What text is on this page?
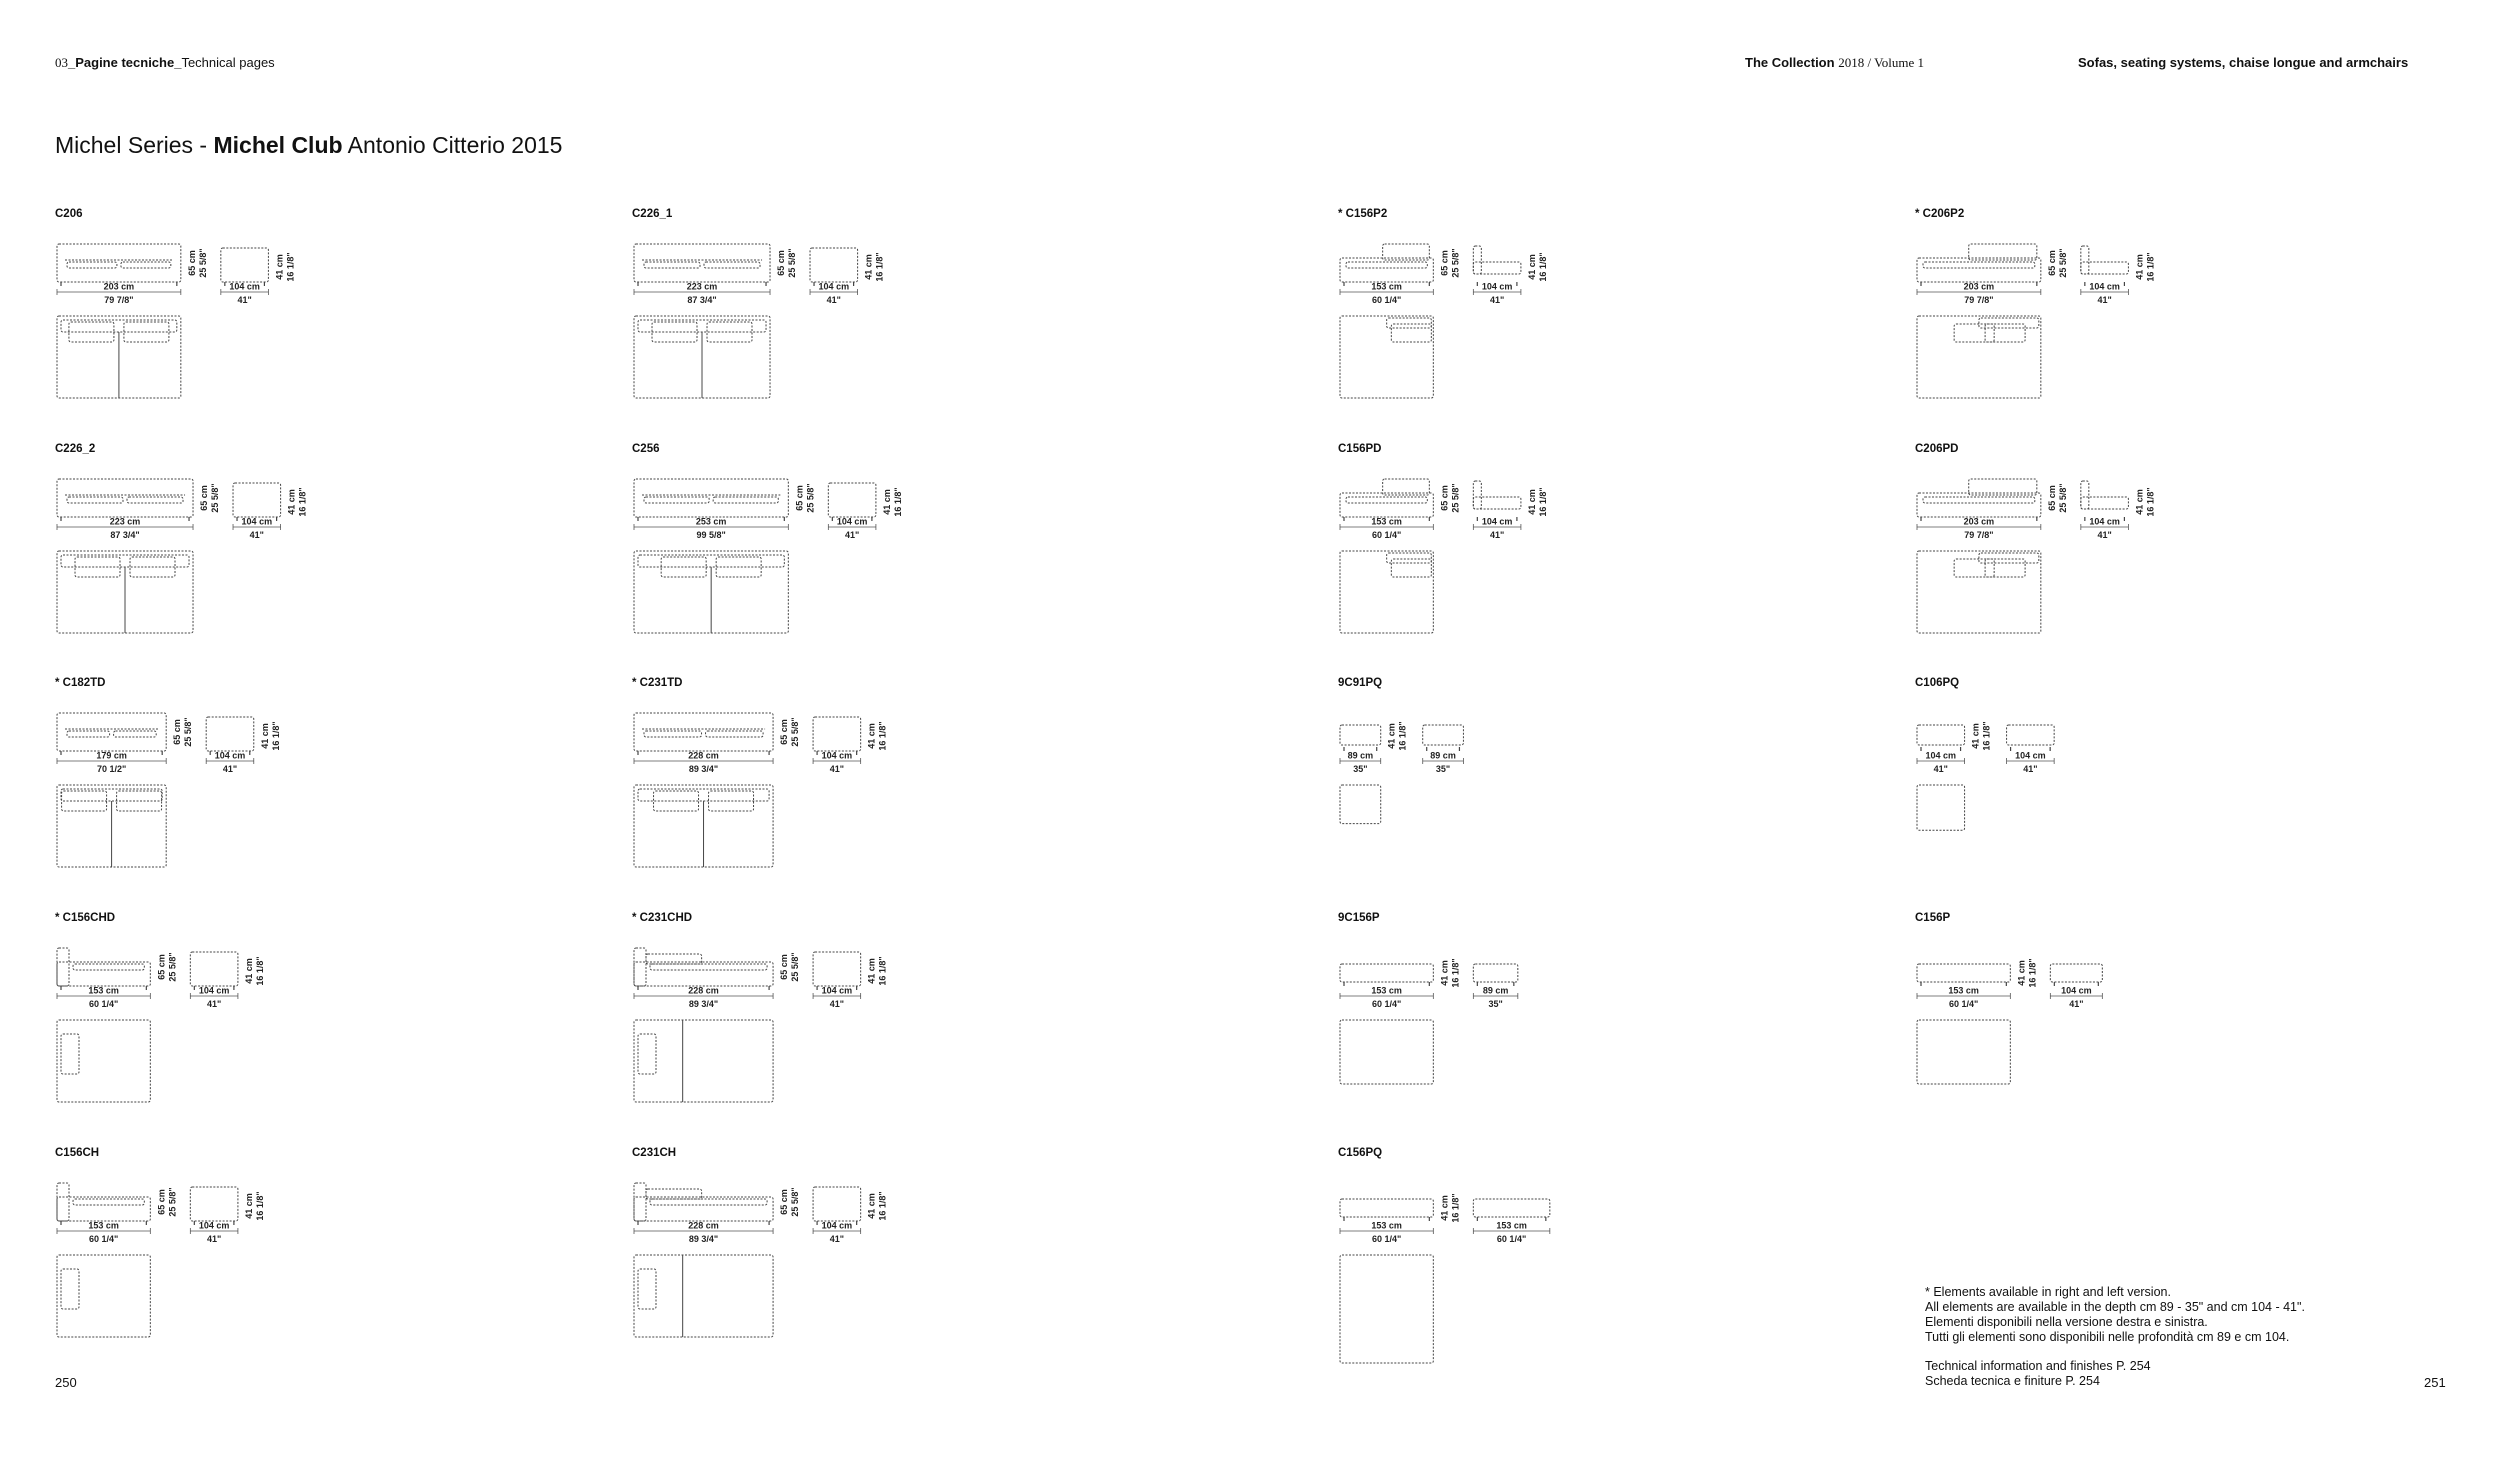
03_Pagine tecniche_Technical pages	The Collection 2018 / Volume 1	Sofas, seating systems, chaise longue and armchairs
Michel Series - Michel Club Antonio Citterio 2015
C206
203 cm
79 7/8"
65 cm 25 5/8"
104 cm
41"
41 cm 16 1/8"
C226_1
223 cm
87 3/4"
65 cm 25 5/8"
104 cm
41"
41 cm 16 1/8"
* C156P2
153 cm
60 1/4"
65 cm 25 5/8"
104 cm
41"
41 cm 16 1/8"
* C206P2
203 cm
79 7/8"
65 cm 25 5/8"
104 cm
41"
41 cm 16 1/8"
C226_2
223 cm
87 3/4"
65 cm 25 5/8"
104 cm
41"
41 cm 16 1/8"
C256
253 cm
99 5/8"
65 cm 25 5/8"
104 cm
41"
41 cm 16 1/8"
C156PD
153 cm
60 1/4"
65 cm 25 5/8"
104 cm
41"
41 cm 16 1/8"
C206PD
203 cm
79 7/8"
65 cm 25 5/8"
104 cm
41"
41 cm 16 1/8"
* C182TD
179 cm
70 1/2"
65 cm 25 5/8"
104 cm
41"
41 cm 16 1/8"
* C231TD
228 cm
89 3/4"
65 cm 25 5/8"
104 cm
41"
41 cm 16 1/8"
9C91PQ
89 cm
35"
41 cm 16 1/8"
89 cm
35"
C106PQ
104 cm
41"
41 cm 16 1/8"
104 cm
41"
* C156CHD
153 cm
60 1/4"
65 cm 25 5/8"
104 cm
41"
41 cm 16 1/8"
* C231CHD
228 cm
89 3/4"
65 cm 25 5/8"
104 cm
41"
41 cm 16 1/8"
9C156P
153 cm
60 1/4"
41 cm 16 1/8"
89 cm
35"
C156P
153 cm
60 1/4"
41 cm 16 1/8"
104 cm
41"
C156CH
153 cm
60 1/4"
65 cm 25 5/8"
104 cm
41"
41 cm 16 1/8"
C231CH
228 cm
89 3/4"
65 cm 25 5/8"
104 cm
41"
41 cm 16 1/8"
C156PQ
153 cm
60 1/4"
41 cm 16 1/8"
153 cm
60 1/4"
* Elements available in right and left version.
All elements are available in the depth cm 89 - 35" and cm 104 - 41".
Elementi disponibili nella versione destra e sinistra.
Tutti gli elementi sono disponibili nelle profondità cm 89 e cm 104.
Technical information and finishes P. 254
Scheda tecnica e finiture P. 254
250	251
